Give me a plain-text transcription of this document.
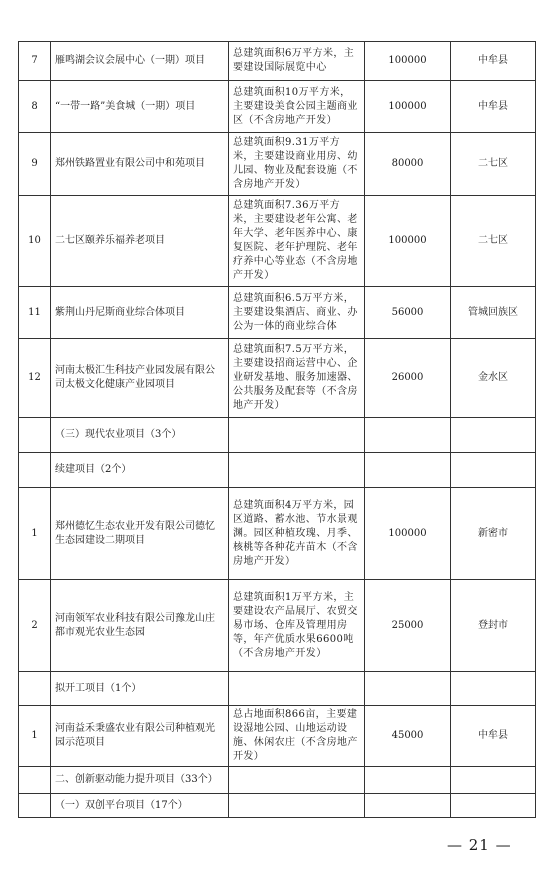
7	雁鸣湖会议会展中心（一期）项目	总建筑面积6万平方米，主要建设国际展览中心	100000	中牟县
8	“一带一路”美食城（一期）项目	总建筑面积10万平方米，主要建设美食公园主题商业区（不含房地产开发）	100000	中牟县
9	郑州铁路置业有限公司中和苑项目	总建筑面积9.31万平方米，主要建设商业用房、幼儿园、物业及配套设施（不含房地产开发）	80000	二七区
10	二七区颐养乐福养老项目	总建筑面积7.36万平方米，主要建设老年公寓、老年大学、老年医养中心、康复医院、老年护理院、老年疗养中心等业态（不含房地产开发）	100000	二七区
11	紫荆山丹尼斯商业综合体项目	总建筑面积6.5万平方米，主要建设集酒店、商业、办公为一体的商业综合体	56000	管城回族区
12	河南太极汇生科技产业园发展有限公司太极文化健康产业园项目	总建筑面积7.5万平方米，主要建设招商运营中心、企业研发基地、服务加速器、公共服务及配套等（不含房地产开发）	26000	金水区
	（三）现代农业项目（3个）			
	续建项目（2个）			
1	郑州德忆生态农业开发有限公司德忆生态园建设二期项目	总建筑面积4万平方米，园区道路、蓄水池、节水景观渊。园区种植玫瑰、月季、核桃等各种花卉苗木（不含房地产开发）	100000	新密市
2	河南领军农业科技有限公司豫龙山庄都市观光农业生态园	总建筑面积1万平方米，主要建设农产品展厅、农贸交易市场、仓库及管理用房等，年产优质水果6600吨（不含房地产开发）	25000	登封市
	拟开工项目（1个）			
1	河南益禾秉盛农业有限公司种植观光园示范项目	总占地面积866亩，主要建设湿地公园、山地运动设施、休闲农庄（不含房地产开发）	45000	中牟县
	二、创新驱动能力提升项目（33个）			
	（一）双创平台项目（17个）			
— 21 —
